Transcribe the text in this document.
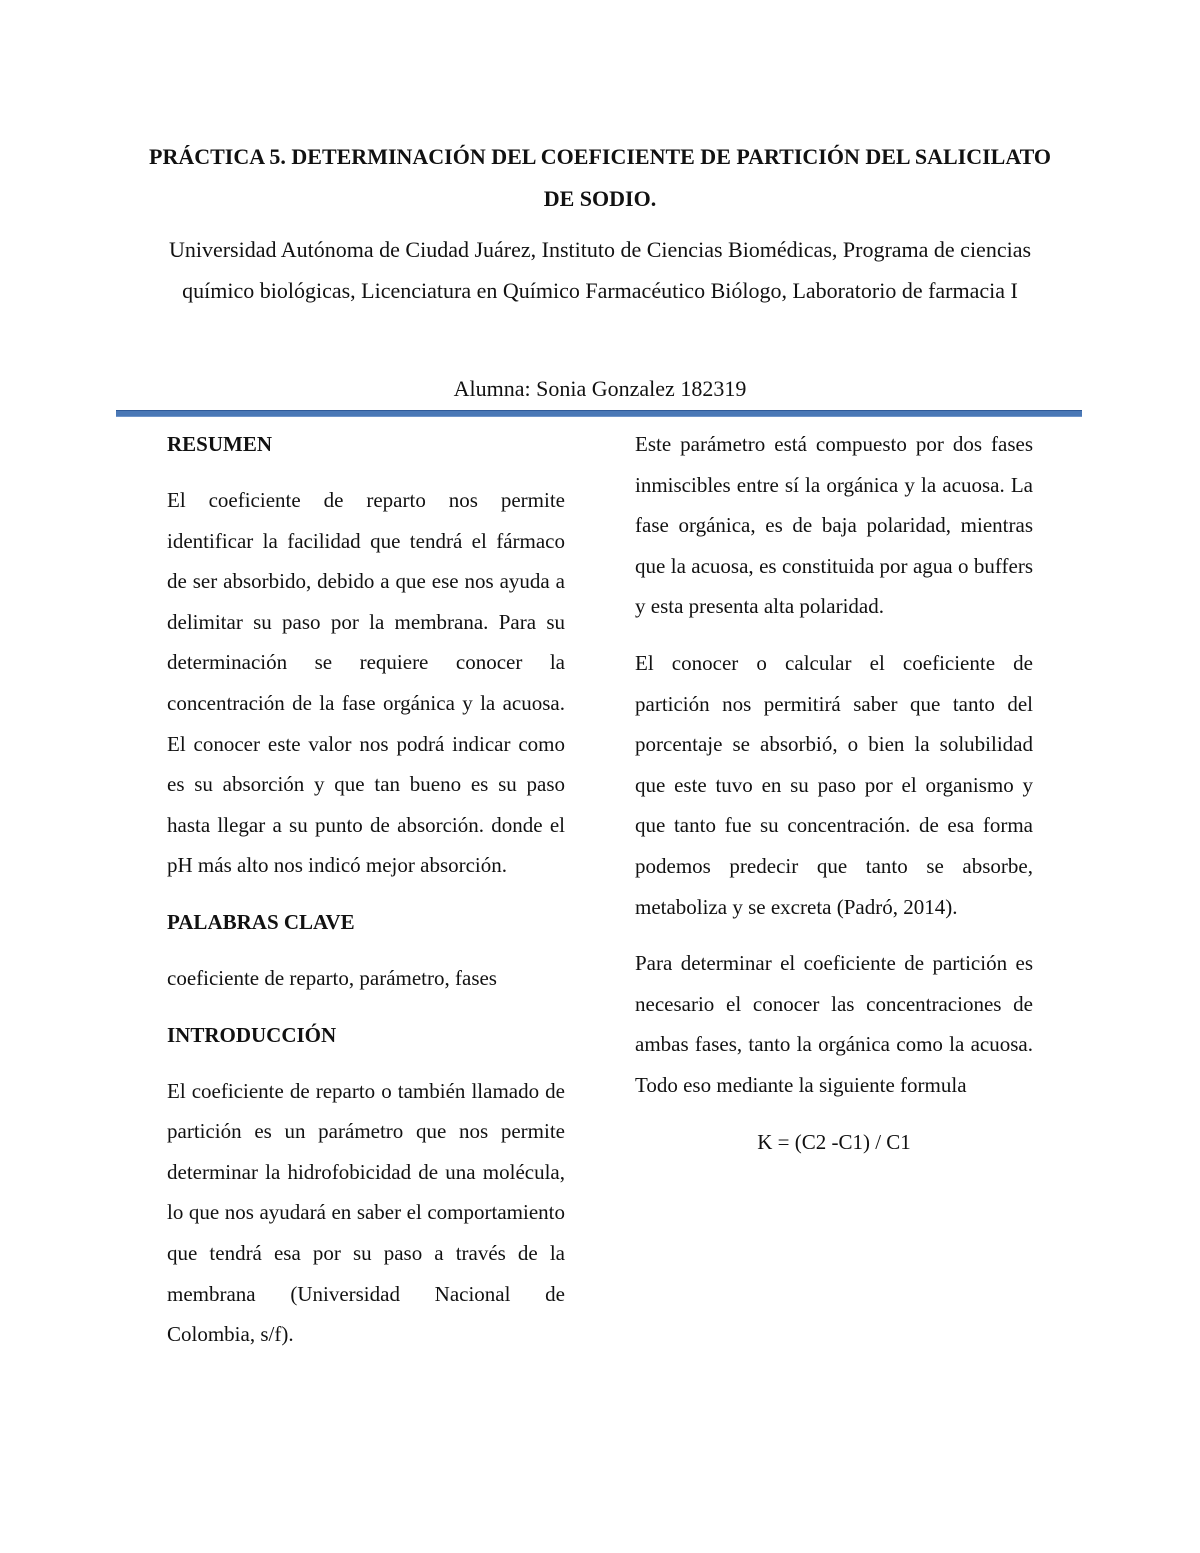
PRÁCTICA 5. DETERMINACIÓN DEL COEFICIENTE DE PARTICIÓN DEL SALICILATO DE SODIO.

Universidad Autónoma de Ciudad Juárez, Instituto de Ciencias Biomédicas, Programa de ciencias químico biológicas, Licenciatura en Químico Farmacéutico Biólogo, Laboratorio de farmacia I

Alumna: Sonia Gonzalez 182319

RESUMEN

El coeficiente de reparto nos permite identificar la facilidad que tendrá el fármaco de ser absorbido, debido a que ese nos ayuda a delimitar su paso por la membrana. Para su determinación se requiere conocer la concentración de la fase orgánica y la acuosa. El conocer este valor nos podrá indicar como es su absorción y que tan bueno es su paso hasta llegar a su punto de absorción. donde el pH más alto nos indicó mejor absorción.

PALABRAS CLAVE

coeficiente de reparto, parámetro, fases

INTRODUCCIÓN

El coeficiente de reparto o también llamado de partición es un parámetro que nos permite determinar la hidrofobicidad de una molécula, lo que nos ayudará en saber el comportamiento que tendrá esa por su paso a través de la membrana (Universidad Nacional de Colombia, s/f).

Este parámetro está compuesto por dos fases inmiscibles entre sí la orgánica y la acuosa. La fase orgánica, es de baja polaridad, mientras que la acuosa, es constituida por agua o buffers y esta presenta alta polaridad.

El conocer o calcular el coeficiente de partición nos permitirá saber que tanto del porcentaje se absorbió, o bien la solubilidad que este tuvo en su paso por el organismo y que tanto fue su concentración. de esa forma podemos predecir que tanto se absorbe, metaboliza y se excreta (Padró, 2014).

Para determinar el coeficiente de partición es necesario el conocer las concentraciones de ambas fases, tanto la orgánica como la acuosa. Todo eso mediante la siguiente formula

K = (C2 -C1) / C1
